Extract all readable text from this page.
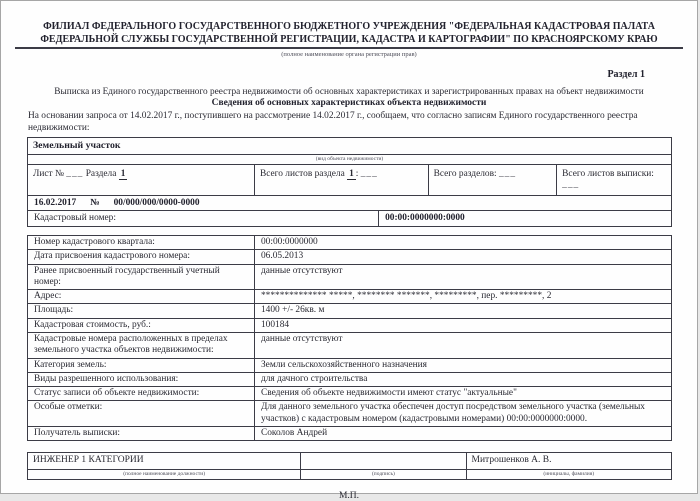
ФИЛИАЛ ФЕДЕРАЛЬНОГО ГОСУДАРСТВЕННОГО БЮДЖЕТНОГО УЧРЕЖДЕНИЯ "ФЕДЕРАЛЬНАЯ КАДАСТРОВАЯ ПАЛАТА ФЕДЕРАЛЬНОЙ СЛУЖБЫ ГОСУДАРСТВЕННОЙ РЕГИСТРАЦИИ, КАДАСТРА И КАРТОГРАФИИ" ПО КРАСНОЯРСКОМУ КРАЮ
(полное наименование органа регистрации прав)
Раздел 1
Выписка из Единого государственного реестра недвижимости об основных характеристиках и зарегистрированных правах на объект недвижимости
Сведения об основных характеристиках объекта недвижимости
На основании запроса от 14.02.2017 г., поступившего на рассмотрение 14.02.2017 г., сообщаем, что согласно записям Единого государственного реестра недвижимости:
Земельный участок
(вид объекта недвижимости)
Лист № ___ Раздела 1	Всего листов раздела 1 : ___	Всего разделов: ___	Всего листов выписки: ___
16.02.2017 № 00/000/000/0000-0000
Кадастровый номер:	00:00:0000000:0000
Номер кадастрового квартала:	00:00:0000000
Дата присвоения кадастрового номера:	06.05.2013
Ранее присвоенный государственный учетный номер:
данные отсутствуют
Адрес:	************** *****, ******** *******, *********, пер. *********, 2
Площадь:	1400 +/- 26кв. м
Кадастровая стоимость, руб.:	100184
Кадастровые номера расположенных в пределах земельного участка объектов недвижимости:
данные отсутствуют
Категория земель:	Земли сельскохозяйственного назначения
Виды разрешенного использования:	для дачного строительства
Статус записи об объекте недвижимости:	Сведения об объекте недвижимости имеют статус "актуальные"
Особые отметки:	Для данного земельного участка обеспечен доступ посредством земельного участка (земельных участков) с кадастровым номером (кадастровыми номерами) 00:00:0000000:0000.
Получатель выписки:	Соколов Андрей
ИНЖЕНЕР 1 КАТЕГОРИИ	Митрошенков А. В.
(полное наименование должности)	(подпись)	(инициалы, фамилия)
М.П.
